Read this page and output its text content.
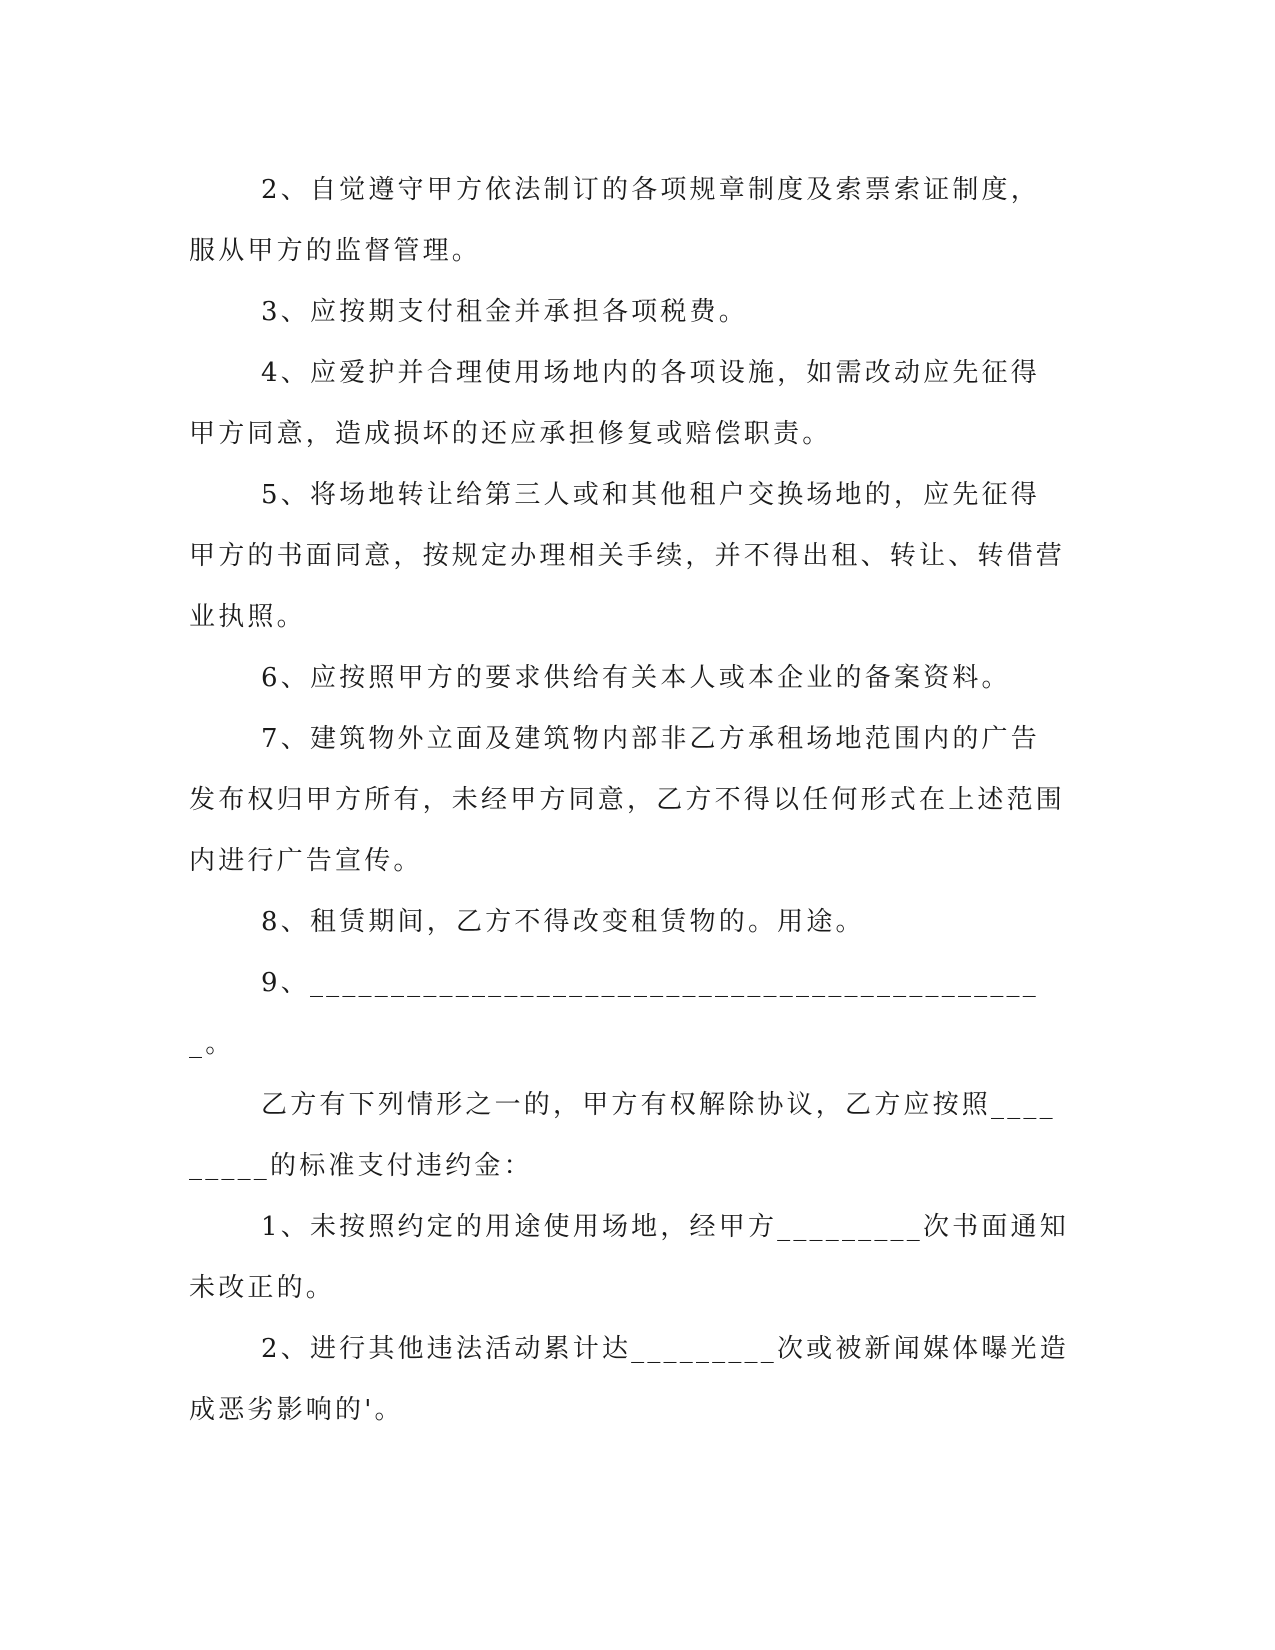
2、自觉遵守甲方依法制订的各项规章制度及索票索证制度，服从甲方的监督管理。

3、应按期支付租金并承担各项税费。

4、应爱护并合理使用场地内的各项设施，如需改动应先征得甲方同意，造成损坏的还应承担修复或赔偿职责。

5、将场地转让给第三人或和其他租户交换场地的，应先征得甲方的书面同意，按规定办理相关手续，并不得出租、转让、转借营业执照。

6、应按照甲方的要求供给有关本人或本企业的备案资料。

7、建筑物外立面及建筑物内部非乙方承租场地范围内的广告发布权归甲方所有，未经甲方同意，乙方不得以任何形式在上述范围内进行广告宣传。

8、租赁期间，乙方不得改变租赁物的。用途。

9、______________________________________________。

乙方有下列情形之一的，甲方有权解除协议，乙方应按照_________的标准支付违约金：

1、未按照约定的用途使用场地，经甲方_________次书面通知未改正的。

2、进行其他违法活动累计达_________次或被新闻媒体曝光造成恶劣影响的'。
